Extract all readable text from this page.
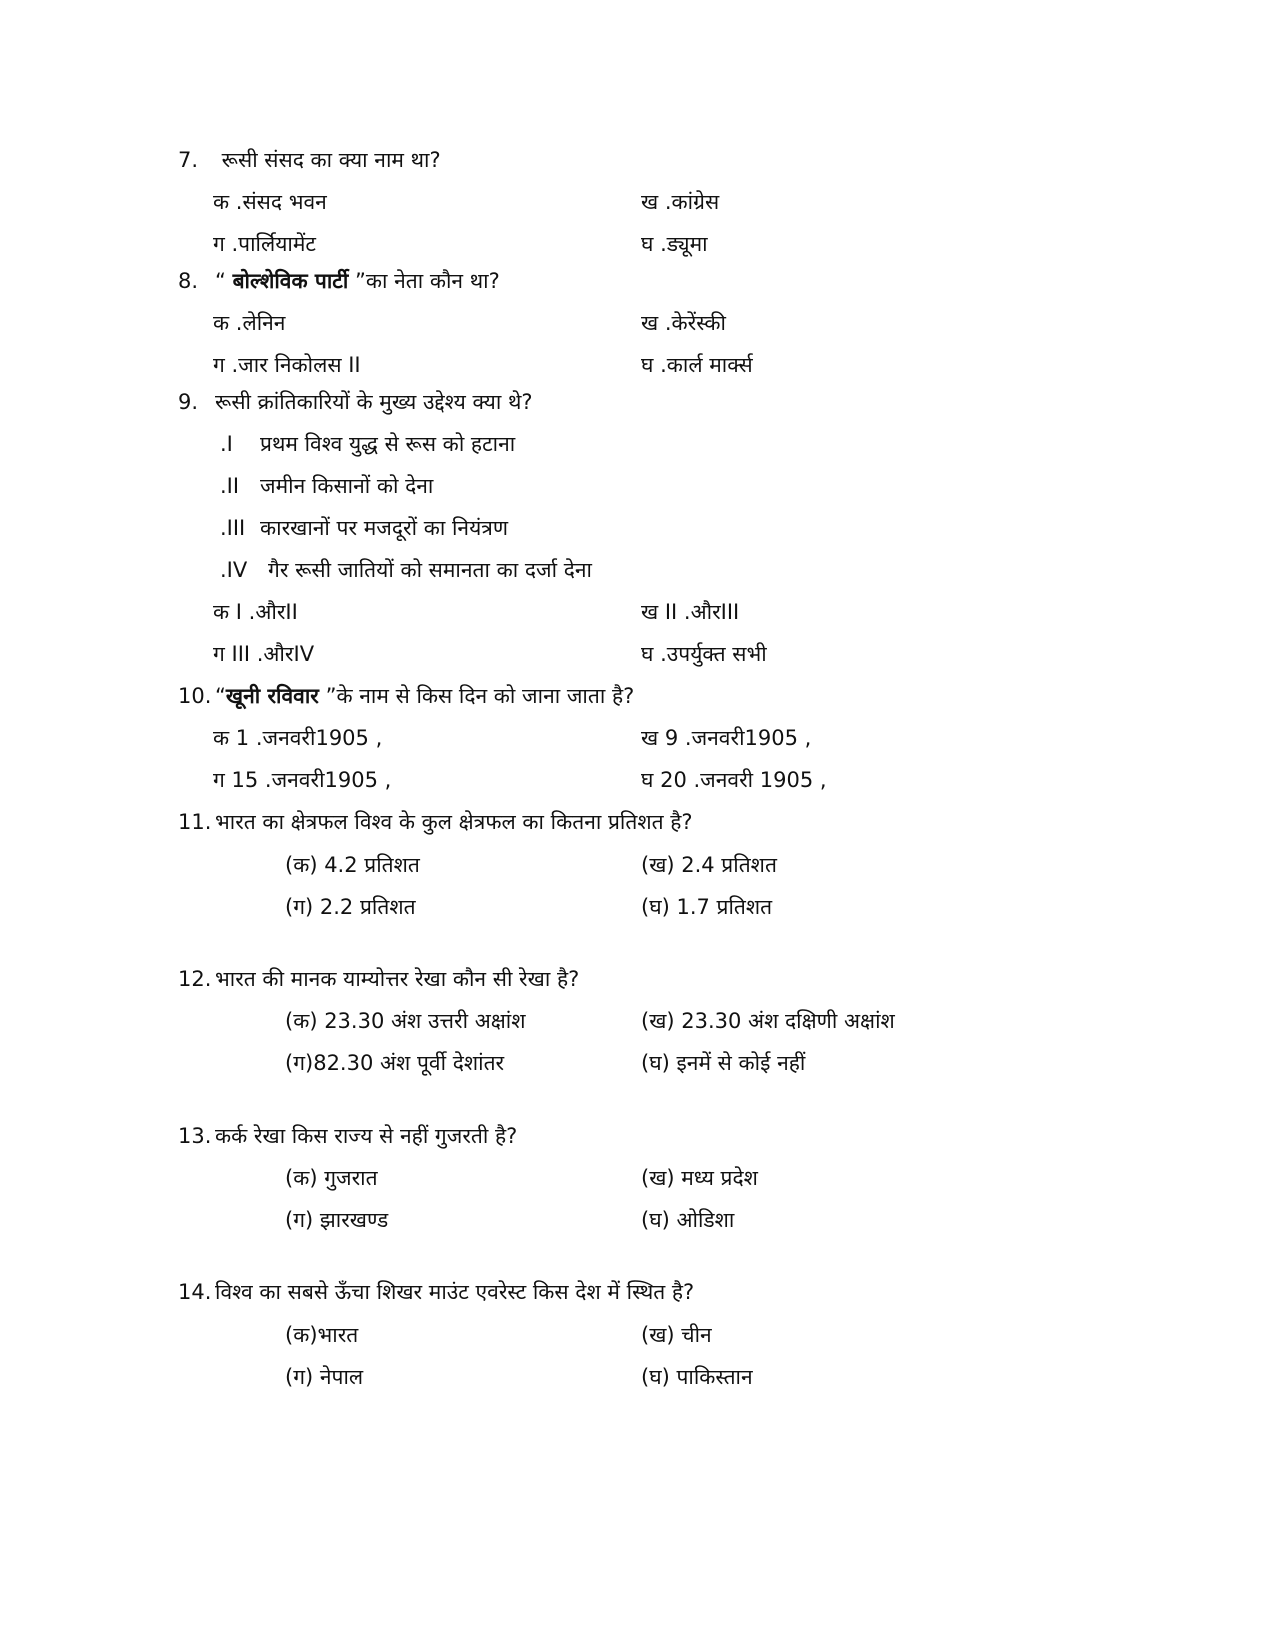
7. रूसी संसद का क्या नाम था?
क .संसद भवन	ख .कांग्रेस
ग .पार्लियामेंट	घ .ड्यूमा
8. “ बोल्शेविक पार्टी ”का नेता कौन था?
क .लेनिन	ख .केरेंस्की
ग .जार निकोलस II	घ .कार्ल मार्क्स
9. रूसी क्रांतिकारियों के मुख्य उद्देश्य क्या थे?
.I प्रथम विश्व युद्ध से रूस को हटाना
.II जमीन किसानों को देना
.III कारखानों पर मजदूरों का नियंत्रण
.IV गैर रूसी जातियों को समानता का दर्जा देना
क I .औरII	ख II .औरIII
ग III .औरIV	घ .उपर्युक्त सभी
10. “खूनी रविवार ”के नाम से किस दिन को जाना जाता है?
क 1 .जनवरी1905 ,	ख 9 .जनवरी1905 ,
ग 15 .जनवरी1905 ,	घ 20 .जनवरी 1905 ,
11. भारत का क्षेत्रफल विश्व के कुल क्षेत्रफल का कितना प्रतिशत है?
(क) 4.2 प्रतिशत	(ख) 2.4 प्रतिशत
(ग) 2.2 प्रतिशत	(घ) 1.7 प्रतिशत
12. भारत की मानक याम्योत्तर रेखा कौन सी रेखा है?
(क) 23.30 अंश उत्तरी अक्षांश	(ख) 23.30 अंश दक्षिणी अक्षांश
(ग)82.30 अंश पूर्वी देशांतर	(घ) इनमें से कोई नहीं
13. कर्क रेखा किस राज्य से नहीं गुजरती है?
(क) गुजरात	(ख) मध्य प्रदेश
(ग) झारखण्ड	(घ) ओडिशा
14. विश्व का सबसे ऊँचा शिखर माउंट एवरेस्ट किस देश में स्थित है?
(क)भारत	(ख) चीन
(ग) नेपाल	(घ) पाकिस्तान
